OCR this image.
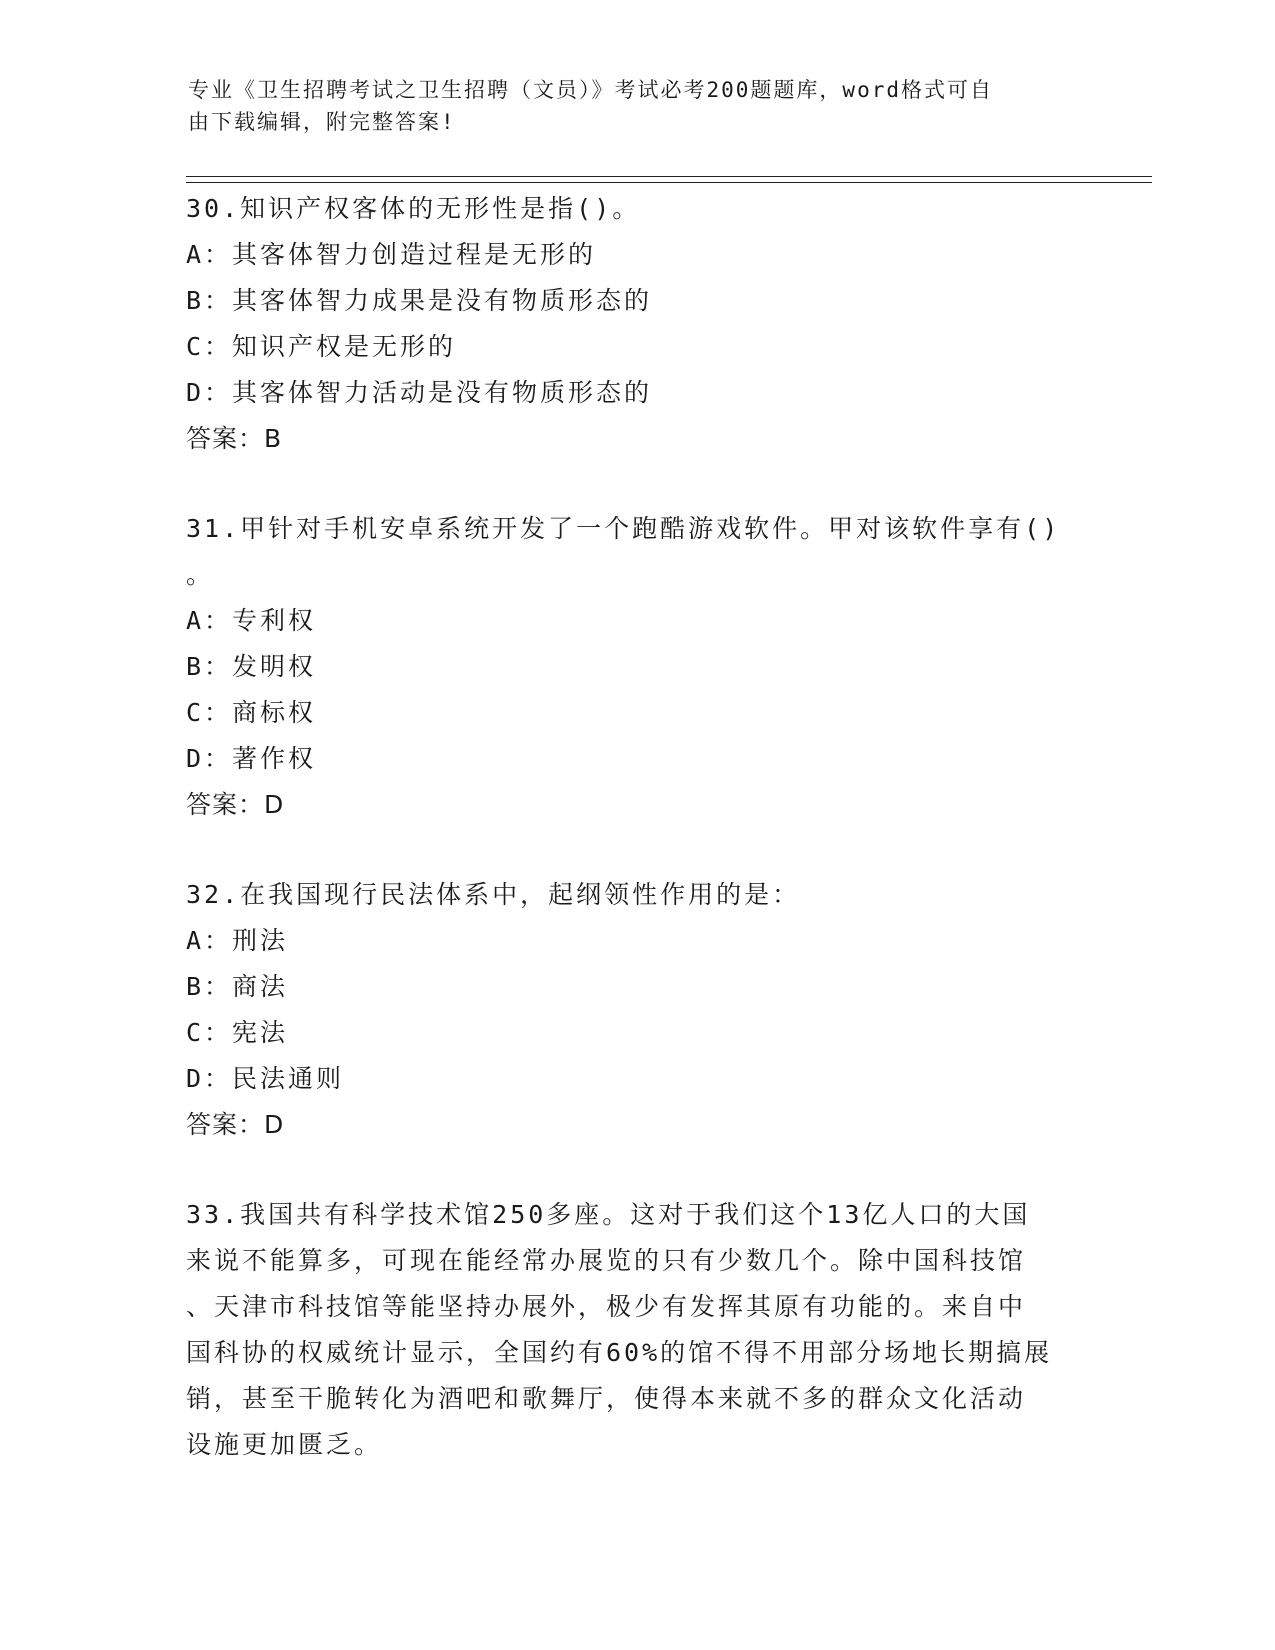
专业《卫生招聘考试之卫生招聘（文员）》考试必考200题题库，word格式可自
由下载编辑，附完整答案!
30.知识产权客体的无形性是指()。
A：其客体智力创造过程是无形的
B：其客体智力成果是没有物质形态的
C：知识产权是无形的
D：其客体智力活动是没有物质形态的
答案：B
31.甲针对手机安卓系统开发了一个跑酷游戏软件。甲对该软件享有()
。
A：专利权
B：发明权
C：商标权
D：著作权
答案：D
32.在我国现行民法体系中，起纲领性作用的是：
A：刑法
B：商法
C：宪法
D：民法通则
答案：D
33.我国共有科学技术馆250多座。这对于我们这个13亿人口的大国
来说不能算多，可现在能经常办展览的只有少数几个。除中国科技馆
、天津市科技馆等能坚持办展外，极少有发挥其原有功能的。来自中
国科协的权威统计显示，全国约有60%的馆不得不用部分场地长期搞展
销，甚至干脆转化为酒吧和歌舞厅，使得本来就不多的群众文化活动
设施更加匮乏。
